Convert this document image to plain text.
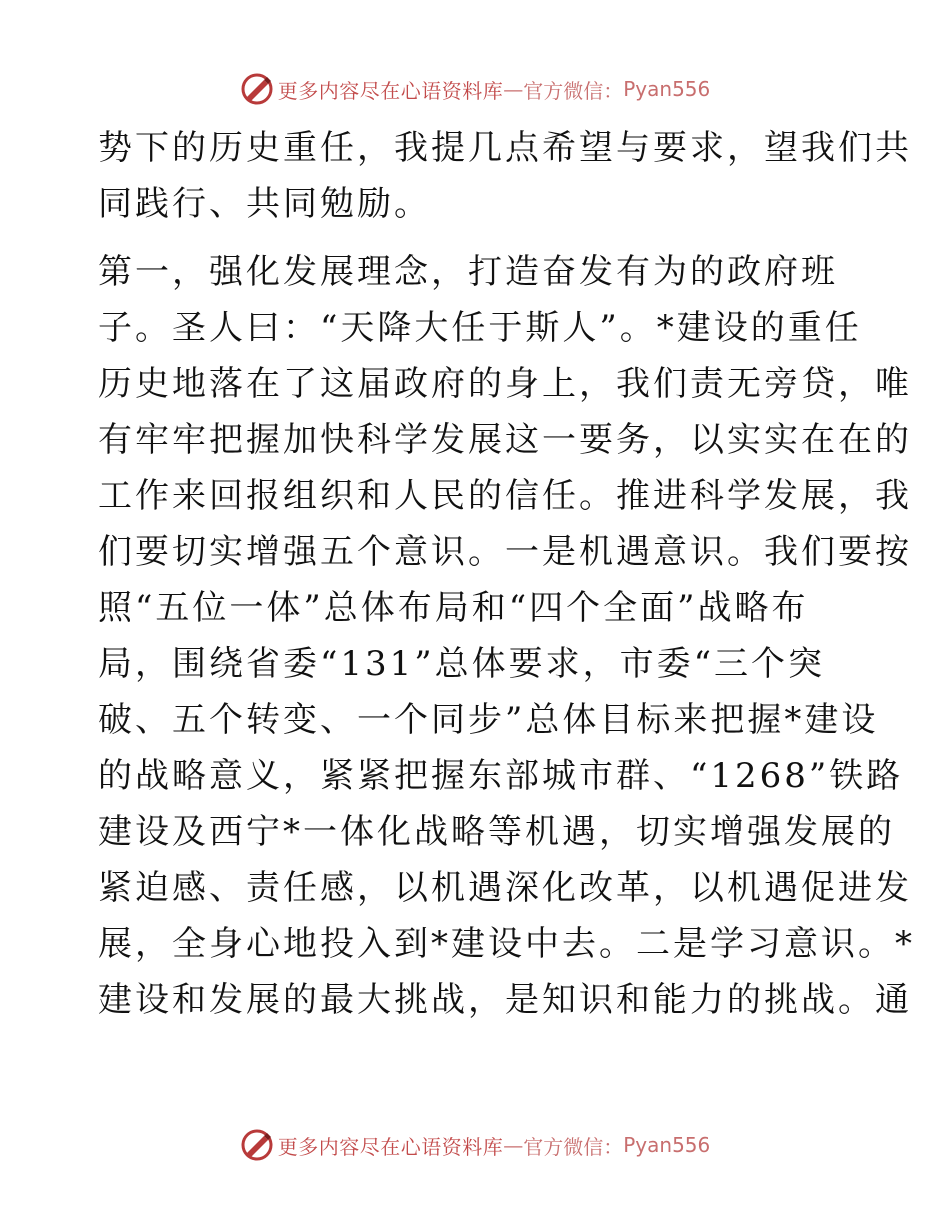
更多内容尽在心语资料库 — 官方微信： Pyan556

势下的历史重任，我提几点希望与要求，望我们共
同践行、共同勉励。

第一，强化发展理念，打造奋发有为的政府班
子。圣人曰：“天降大任于斯人”。*建设的重任
历史地落在了这届政府的身上，我们责无旁贷，唯
有牢牢把握加快科学发展这一要务，以实实在在的
工作来回报组织和人民的信任。推进科学发展，我
们要切实增强五个意识。一是机遇意识。我们要按
照“五位一体”总体布局和“四个全面”战略布
局，围绕省委“131”总体要求，市委“三个突
破、五个转变、一个同步”总体目标来把握*建设
的战略意义，紧紧把握东部城市群、“1268”铁路
建设及西宁*一体化战略等机遇，切实增强发展的
紧迫感、责任感，以机遇深化改革，以机遇促进发
展，全身心地投入到*建设中去。二是学习意识。*
建设和发展的最大挑战，是知识和能力的挑战。通

更多内容尽在心语资料库 — 官方微信： Pyan556
